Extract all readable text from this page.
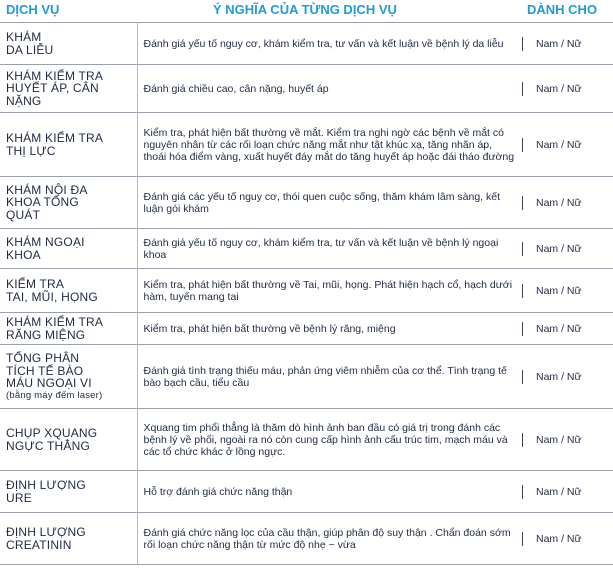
DỊCH VỤ	Ý NGHĨA CỦA TỪNG DỊCH VỤ	DÀNH CHO
KHÁM
DA LIỄU	Đánh giá yếu tố nguy cơ, khám kiểm tra, tư vấn và kết luận về bệnh lý da liễu	Nam / Nữ

KHÁM KIỂM TRA
HUYẾT ÁP, CÂN
NẶNG	Đánh giá chiều cao, cân nặng, huyết áp	Nam / Nữ

KHÁM KIỂM TRA
THỊ LỰC	Kiểm tra, phát hiện bất thường về mắt. Kiểm tra nghi ngờ các bệnh về mắt có nguyên nhân từ các rối loạn chức năng mắt như tật khúc xạ, tăng nhãn áp, thoái hóa điểm vàng, xuất huyết đáy mắt do tăng huyết áp hoặc đái tháo đường	Nam / Nữ

KHÁM NỘI ĐA
KHOA TỔNG
QUÁT	Đánh giá các yếu tố nguy cơ, thói quen cuộc sống, thăm khám lâm sàng, kết luận gói khám	Nam / Nữ

KHÁM NGOẠI
KHOA	Đánh giá yếu tố nguy cơ, khám kiểm tra, tư vấn và kết luận về bệnh lý ngoại khoa	Nam / Nữ

KIỂM TRA
TAI, MŨI, HỌNG	Kiểm tra, phát hiện bất thường về Tai, mũi, họng. Phát hiện hạch cổ, hạch dưới hàm, tuyến mang tai	Nam / Nữ

KHÁM KIỂM TRA
RĂNG MIỆNG	Kiểm tra, phát hiện bất thường về bệnh lý răng, miệng	Nam / Nữ

TỔNG PHÂN
TÍCH TẾ BÀO
MÁU NGOẠI VI
(bằng máy đếm laser)	Đánh giá tình trạng thiếu máu, phản ứng viêm nhiễm của cơ thể. Tình trạng tế bào bạch cầu, tiểu cầu	Nam / Nữ

CHỤP XQUANG
NGỰC THẲNG	Xquang tim phổi thẳng là thăm dò hình ảnh ban đầu có giá trị trong đánh các bệnh lý về phổi, ngoài ra nó còn cung cấp hình ảnh cấu trúc tim, mạch máu và các tổ chức khác ở lồng ngực.	Nam / Nữ

ĐỊNH LƯỢNG
URE	Hỗ trợ đánh giá chức năng thận	Nam / Nữ

ĐỊNH LƯỢNG
CREATININ	Đánh giá chức năng lọc của cầu thận, giúp phân độ suy thận . Chẩn đoán sớm rối loạn chức năng thận từ mức độ nhẹ ~ vừa	Nam / Nữ
